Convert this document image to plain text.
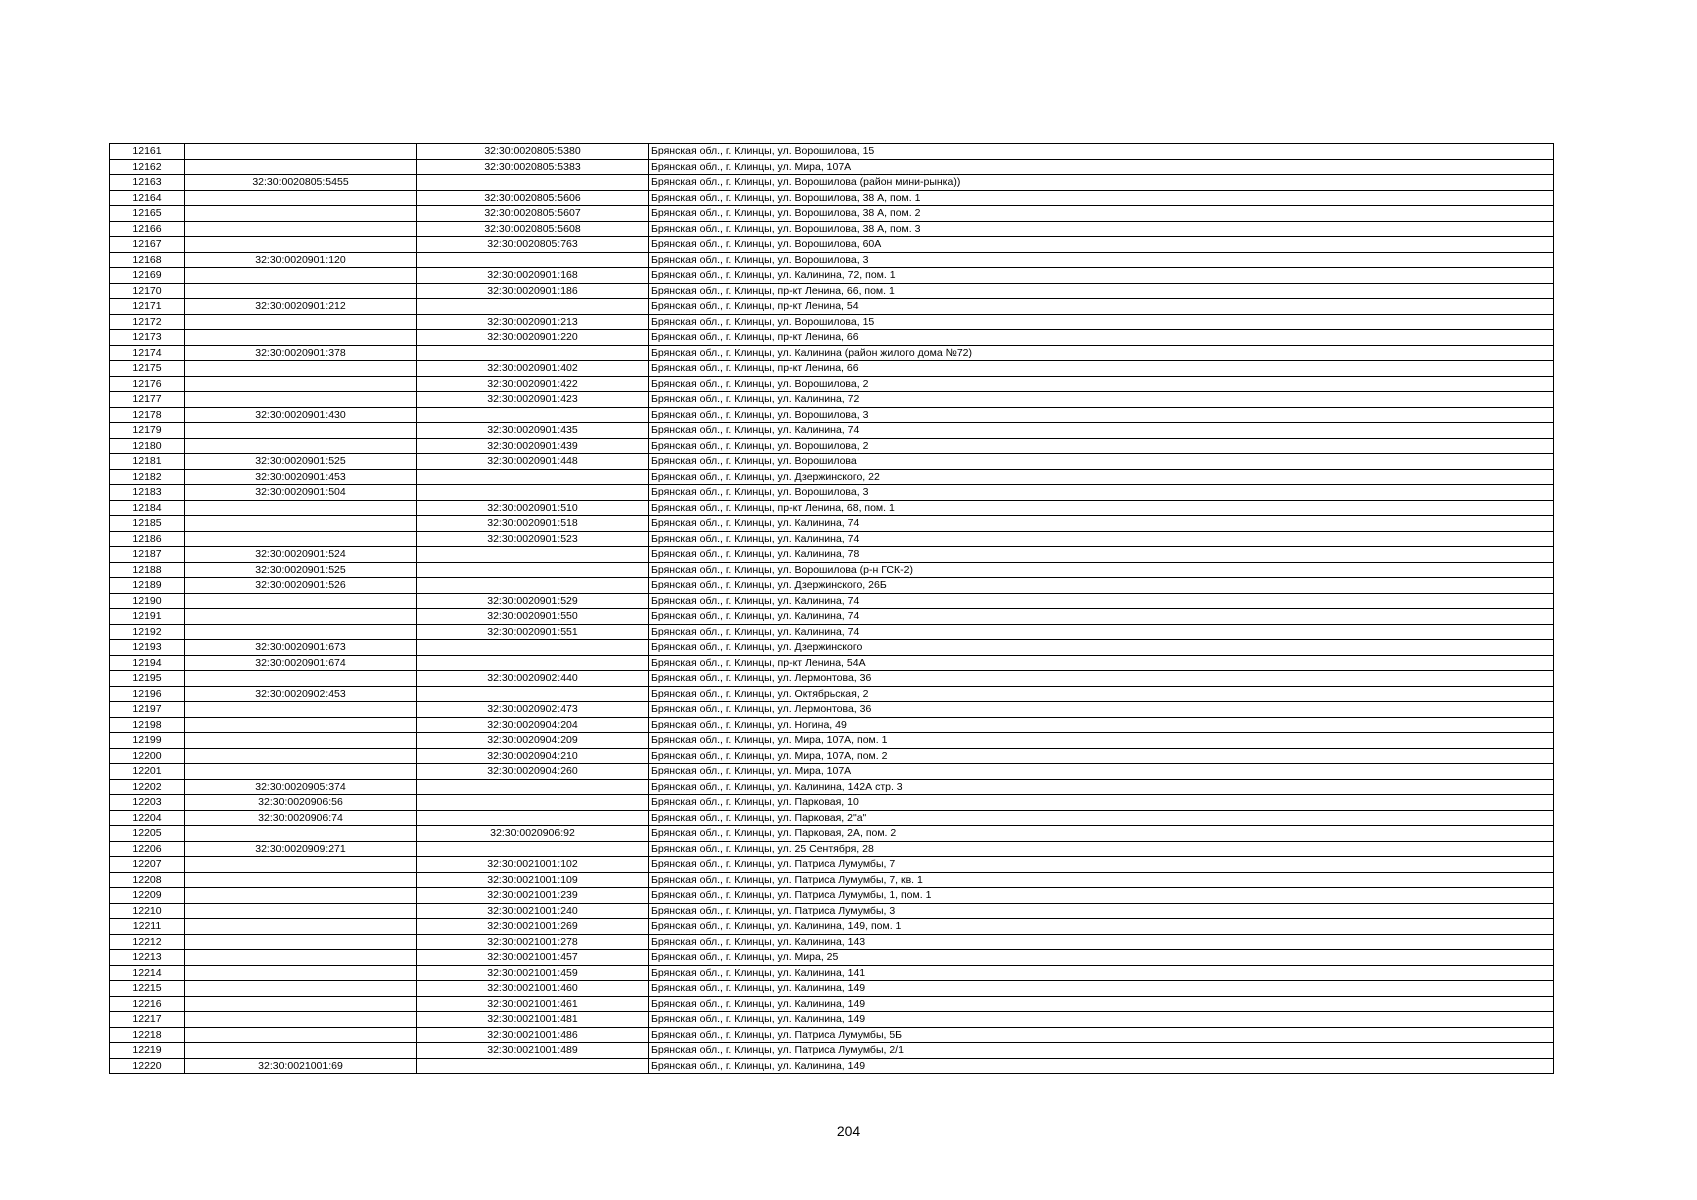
12161		32:30:0020805:5380	Брянская обл., г. Клинцы, ул. Ворошилова, 15
12162		32:30:0020805:5383	Брянская обл., г. Клинцы, ул. Мира, 107А
12163	32:30:0020805:5455		Брянская обл., г. Клинцы, ул. Ворошилова (район мини-рынка))
12164		32:30:0020805:5606	Брянская обл., г. Клинцы, ул. Ворошилова, 38 А, пом. 1
12165		32:30:0020805:5607	Брянская обл., г. Клинцы, ул. Ворошилова, 38 А, пом. 2
12166		32:30:0020805:5608	Брянская обл., г. Клинцы, ул. Ворошилова, 38 А, пом. 3
12167		32:30:0020805:763	Брянская обл., г. Клинцы, ул. Ворошилова, 60А
12168	32:30:0020901:120		Брянская обл., г. Клинцы, ул. Ворошилова, 3
12169		32:30:0020901:168	Брянская обл., г. Клинцы, ул. Калинина, 72, пом. 1
12170		32:30:0020901:186	Брянская обл., г. Клинцы, пр-кт Ленина, 66, пом. 1
12171	32:30:0020901:212		Брянская обл., г. Клинцы, пр-кт Ленина, 54
12172		32:30:0020901:213	Брянская обл., г. Клинцы, ул. Ворошилова, 15
12173		32:30:0020901:220	Брянская обл., г. Клинцы, пр-кт Ленина, 66
12174	32:30:0020901:378		Брянская обл., г. Клинцы, ул. Калинина (район жилого дома №72)
12175		32:30:0020901:402	Брянская обл., г. Клинцы, пр-кт Ленина, 66
12176		32:30:0020901:422	Брянская обл., г. Клинцы, ул. Ворошилова, 2
12177		32:30:0020901:423	Брянская обл., г. Клинцы, ул. Калинина, 72
12178	32:30:0020901:430		Брянская обл., г. Клинцы, ул. Ворошилова, 3
12179		32:30:0020901:435	Брянская обл., г. Клинцы, ул. Калинина, 74
12180		32:30:0020901:439	Брянская обл., г. Клинцы, ул. Ворошилова, 2
12181	32:30:0020901:525	32:30:0020901:448	Брянская обл., г. Клинцы, ул. Ворошилова
12182	32:30:0020901:453		Брянская обл., г. Клинцы, ул. Дзержинского, 22
12183	32:30:0020901:504		Брянская обл., г. Клинцы, ул. Ворошилова, 3
12184		32:30:0020901:510	Брянская обл., г. Клинцы, пр-кт Ленина, 68, пом. 1
12185		32:30:0020901:518	Брянская обл., г. Клинцы, ул. Калинина, 74
12186		32:30:0020901:523	Брянская обл., г. Клинцы, ул. Калинина, 74
12187	32:30:0020901:524		Брянская обл., г. Клинцы, ул. Калинина, 78
12188	32:30:0020901:525		Брянская обл., г. Клинцы, ул. Ворошилова (р-н ГСК-2)
12189	32:30:0020901:526		Брянская обл., г. Клинцы, ул. Дзержинского, 26Б
12190		32:30:0020901:529	Брянская обл., г. Клинцы, ул. Калинина, 74
12191		32:30:0020901:550	Брянская обл., г. Клинцы, ул. Калинина, 74
12192		32:30:0020901:551	Брянская обл., г. Клинцы, ул. Калинина, 74
12193	32:30:0020901:673		Брянская обл., г. Клинцы, ул. Дзержинского
12194	32:30:0020901:674		Брянская обл., г. Клинцы, пр-кт Ленина, 54А
12195		32:30:0020902:440	Брянская обл., г. Клинцы, ул. Лермонтова, 36
12196	32:30:0020902:453		Брянская обл., г. Клинцы, ул. Октябрьская, 2
12197		32:30:0020902:473	Брянская обл., г. Клинцы, ул. Лермонтова, 36
12198		32:30:0020904:204	Брянская обл., г. Клинцы, ул. Ногина, 49
12199		32:30:0020904:209	Брянская обл., г. Клинцы, ул. Мира, 107А, пом. 1
12200		32:30:0020904:210	Брянская обл., г. Клинцы, ул. Мира, 107А, пом. 2
12201		32:30:0020904:260	Брянская обл., г. Клинцы, ул. Мира, 107А
12202	32:30:0020905:374		Брянская обл., г. Клинцы, ул. Калинина, 142А стр. 3
12203	32:30:0020906:56		Брянская обл., г. Клинцы, ул. Парковая, 10
12204	32:30:0020906:74		Брянская обл., г. Клинцы, ул. Парковая, 2"а"
12205		32:30:0020906:92	Брянская обл., г. Клинцы, ул. Парковая, 2А, пом. 2
12206	32:30:0020909:271		Брянская обл., г. Клинцы, ул. 25 Сентября, 28
12207		32:30:0021001:102	Брянская обл., г. Клинцы, ул. Патриса Лумумбы, 7
12208		32:30:0021001:109	Брянская обл., г. Клинцы, ул. Патриса Лумумбы, 7, кв. 1
12209		32:30:0021001:239	Брянская обл., г. Клинцы, ул. Патриса Лумумбы, 1, пом. 1
12210		32:30:0021001:240	Брянская обл., г. Клинцы, ул. Патриса Лумумбы, 3
12211		32:30:0021001:269	Брянская обл., г. Клинцы, ул. Калинина, 149, пом. 1
12212		32:30:0021001:278	Брянская обл., г. Клинцы, ул. Калинина, 143
12213		32:30:0021001:457	Брянская обл., г. Клинцы, ул. Мира, 25
12214		32:30:0021001:459	Брянская обл., г. Клинцы, ул. Калинина, 141
12215		32:30:0021001:460	Брянская обл., г. Клинцы, ул. Калинина, 149
12216		32:30:0021001:461	Брянская обл., г. Клинцы, ул. Калинина, 149
12217		32:30:0021001:481	Брянская обл., г. Клинцы, ул. Калинина, 149
12218		32:30:0021001:486	Брянская обл., г. Клинцы, ул. Патриса Лумумбы, 5Б
12219		32:30:0021001:489	Брянская обл., г. Клинцы, ул. Патриса Лумумбы, 2/1
12220	32:30:0021001:69		Брянская обл., г. Клинцы, ул. Калинина, 149
204
